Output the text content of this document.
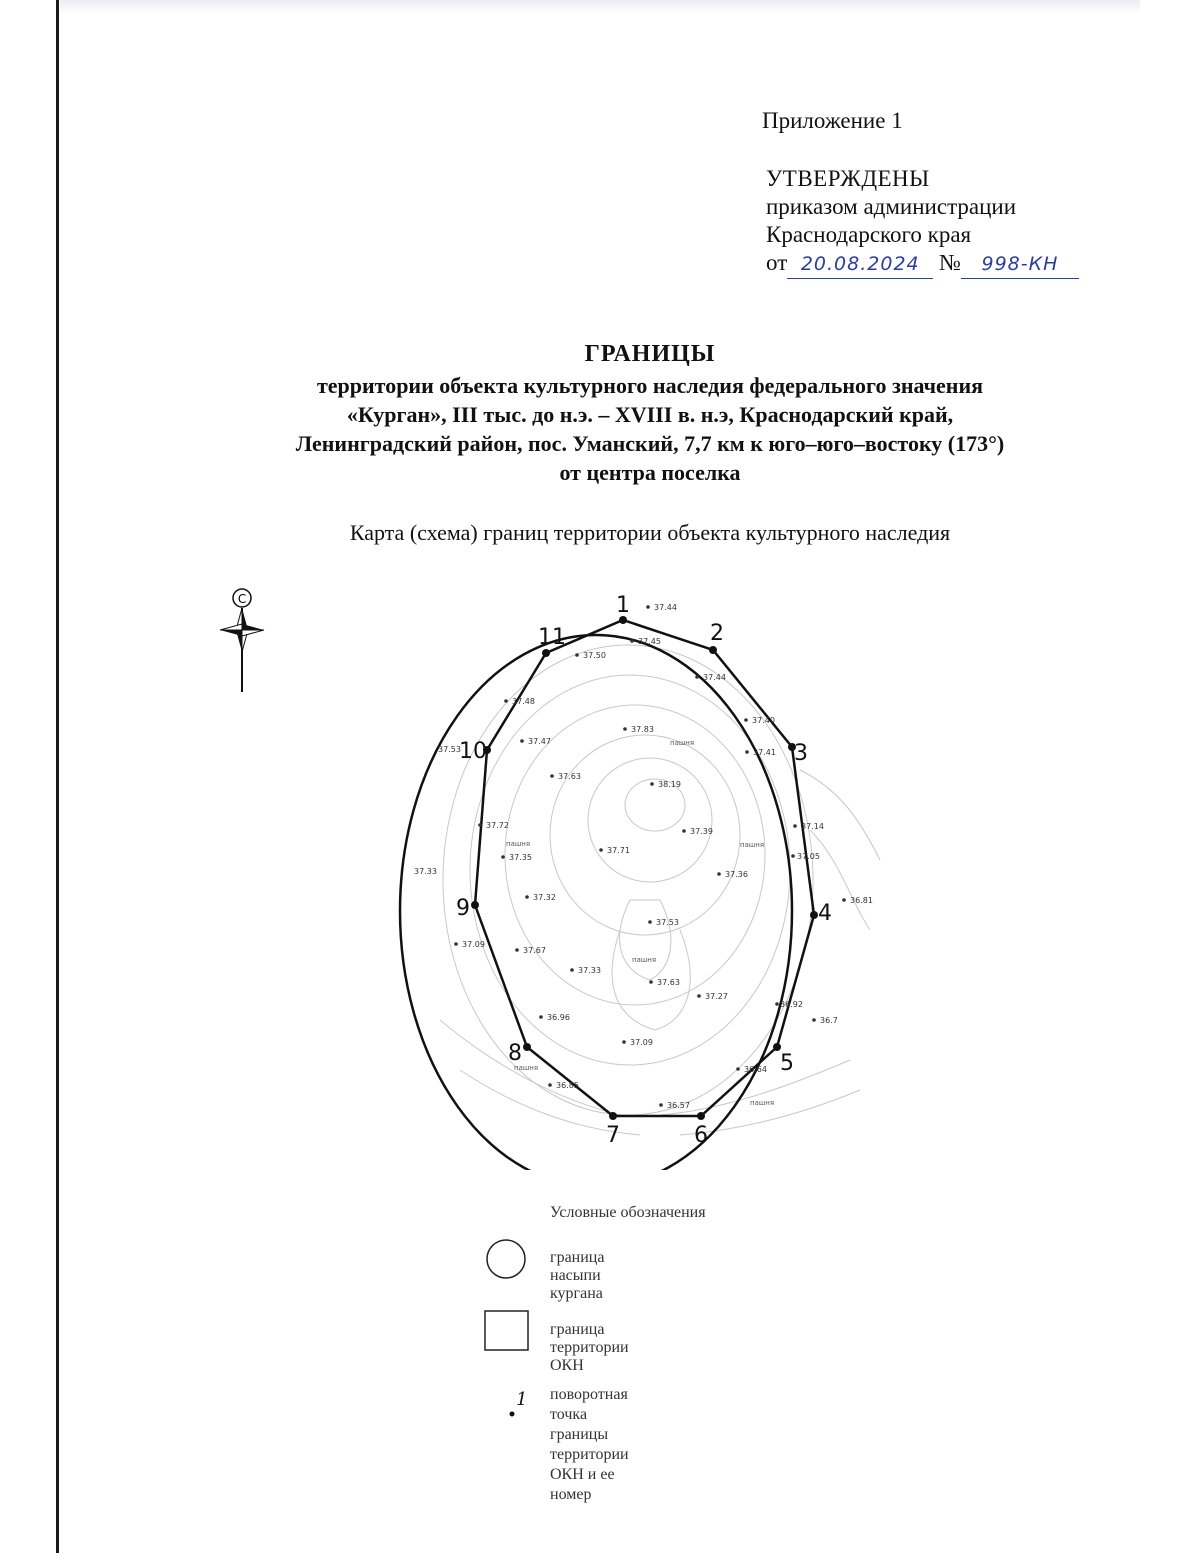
Приложение 1
УТВЕРЖДЕНЫ
приказом администрации
Краснодарского края
от 20.08.2024 № 998-КН
ГРАНИЦЫ
территории объекта культурного наследия федерального значения
«Курган», III тыс. до н.э. – XVIII в. н.э, Краснодарский край,
Ленинградский район, пос. Уманский, 7,7 км к юго–юго–востоку (173°)
от центра поселка
Карта (схема) границ территории объекта культурного наследия
С	1
2
3
4
5
6
7
8
9
10
11
37.44
37.45
37.50
37.44
37.48
37.40
37.41
37.47
37.83
37.63
38.19
37.72
37.39
37.14
37.35
37.71
37.05
37.36
36.81
37.32
37.53
37.09
37.67
37.33
37.63
37.27
36.92
36.7
36.96
37.09
36.64
36.85
36.57
37.53
37.33
пашня
пашня	пашня
пашня
пашня
пашня
Условные обозначения
граница насыпи кургана
граница территории ОКН
1 поворотная точка границы
территории ОКН и ее номер
